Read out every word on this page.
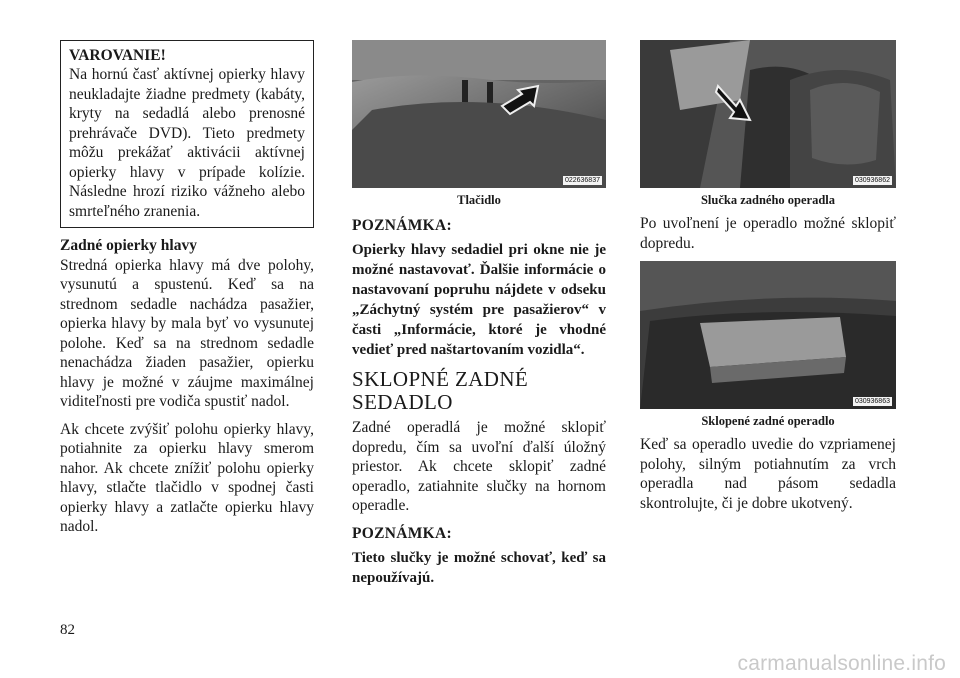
VAROVANIE!
Na hornú časť aktívnej opierky hlavy neukladajte žiadne predmety (kabáty, kryty na sedadlá alebo prenosné prehrávače DVD). Tieto predmety môžu prekážať aktivácii aktívnej opierky hlavy v prípade kolízie. Následne hrozí riziko vážneho alebo smrteľného zranenia.
Zadné opierky hlavy

Stredná opierka hlavy má dve polohy, vysunutú a spustenú. Keď sa na strednom sedadle nachádza pasažier, opierka hlavy by mala byť vo vysunutej polohe. Keď sa na strednom sedadle nenachádza žiaden pasažier, opierku hlavy je možné v záujme maximálnej viditeľnosti pre vodiča spustiť nadol.

Ak chcete zvýšiť polohu opierky hlavy, potiahnite za opierku hlavy smerom nahor. Ak chcete znížiť polohu opierky hlavy, stlačte tlačidlo v spodnej časti opierky hlavy a zatlačte opierku hlavy nadol.

022636837
Tlačidlo
POZNÁMKA:
Opierky hlavy sedadiel pri okne nie je možné nastavovať. Ďalšie informácie o nastavovaní popruhu nájdete v odseku „Záchytný systém pre pasažierov“ v časti „Informácie, ktoré je vhodné vedieť pred naštartovaním vozidla“.
SKLOPNÉ ZADNÉ SEDADLO

Zadné operadlá je možné sklopiť dopredu, čím sa uvoľní ďalší úložný priestor. Ak chcete sklopiť zadné operadlo, zatiahnite slučky na hornom operadle.

POZNÁMKA:
Tieto slučky je možné schovať, keď sa nepoužívajú.
030936862
Slučka zadného operadla

Po uvoľnení je operadlo možné sklopiť dopredu.

030936863
Sklopené zadné operadlo

Keď sa operadlo uvedie do vzpriamenej polohy, silným potiahnutím za vrch operadla nad pásom sedadla skontrolujte, či je dobre ukotvený.

82
carmanualsonline.info
